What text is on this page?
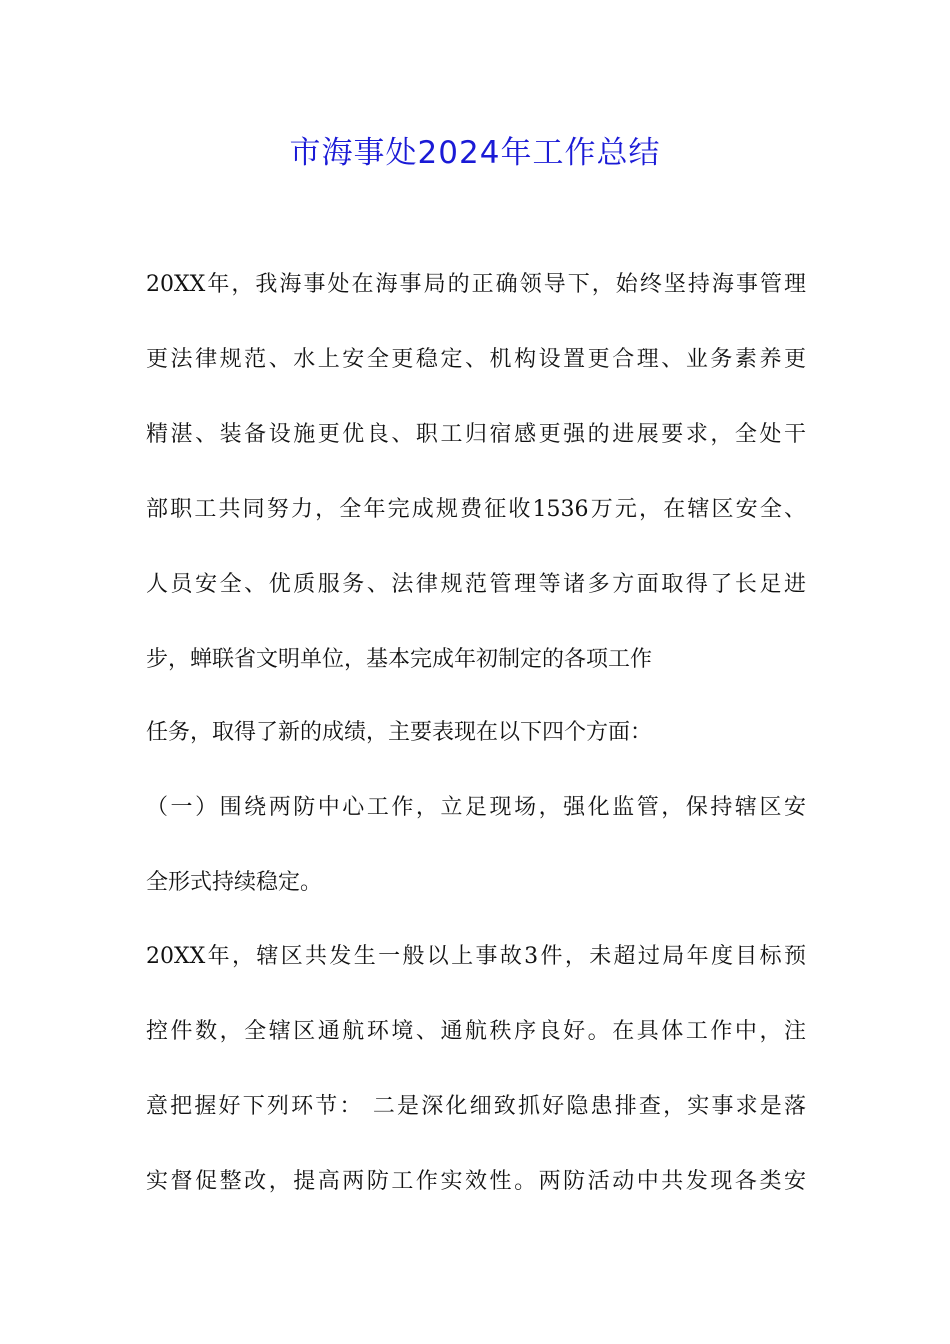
市海事处2024年工作总结
20XX年，我海事处在海事局的正确领导下，始终坚持海事管理
更法律规范、水上安全更稳定、机构设置更合理、业务素养更
精湛、装备设施更优良、职工归宿感更强的进展要求，全处干
部职工共同努力，全年完成规费征收1536万元，在辖区安全、
人员安全、优质服务、法律规范管理等诸多方面取得了长足进
步，蝉联省文明单位，基本完成年初制定的各项工作
任务，取得了新的成绩，主要表现在以下四个方面：
（一）围绕两防中心工作，立足现场，强化监管，保持辖区安
全形式持续稳定。
20XX年，辖区共发生一般以上事故3件，未超过局年度目标预
控件数，全辖区通航环境、通航秩序良好。在具体工作中，注
意把握好下列环节： 二是深化细致抓好隐患排查，实事求是落
实督促整改，提高两防工作实效性。两防活动中共发现各类安
